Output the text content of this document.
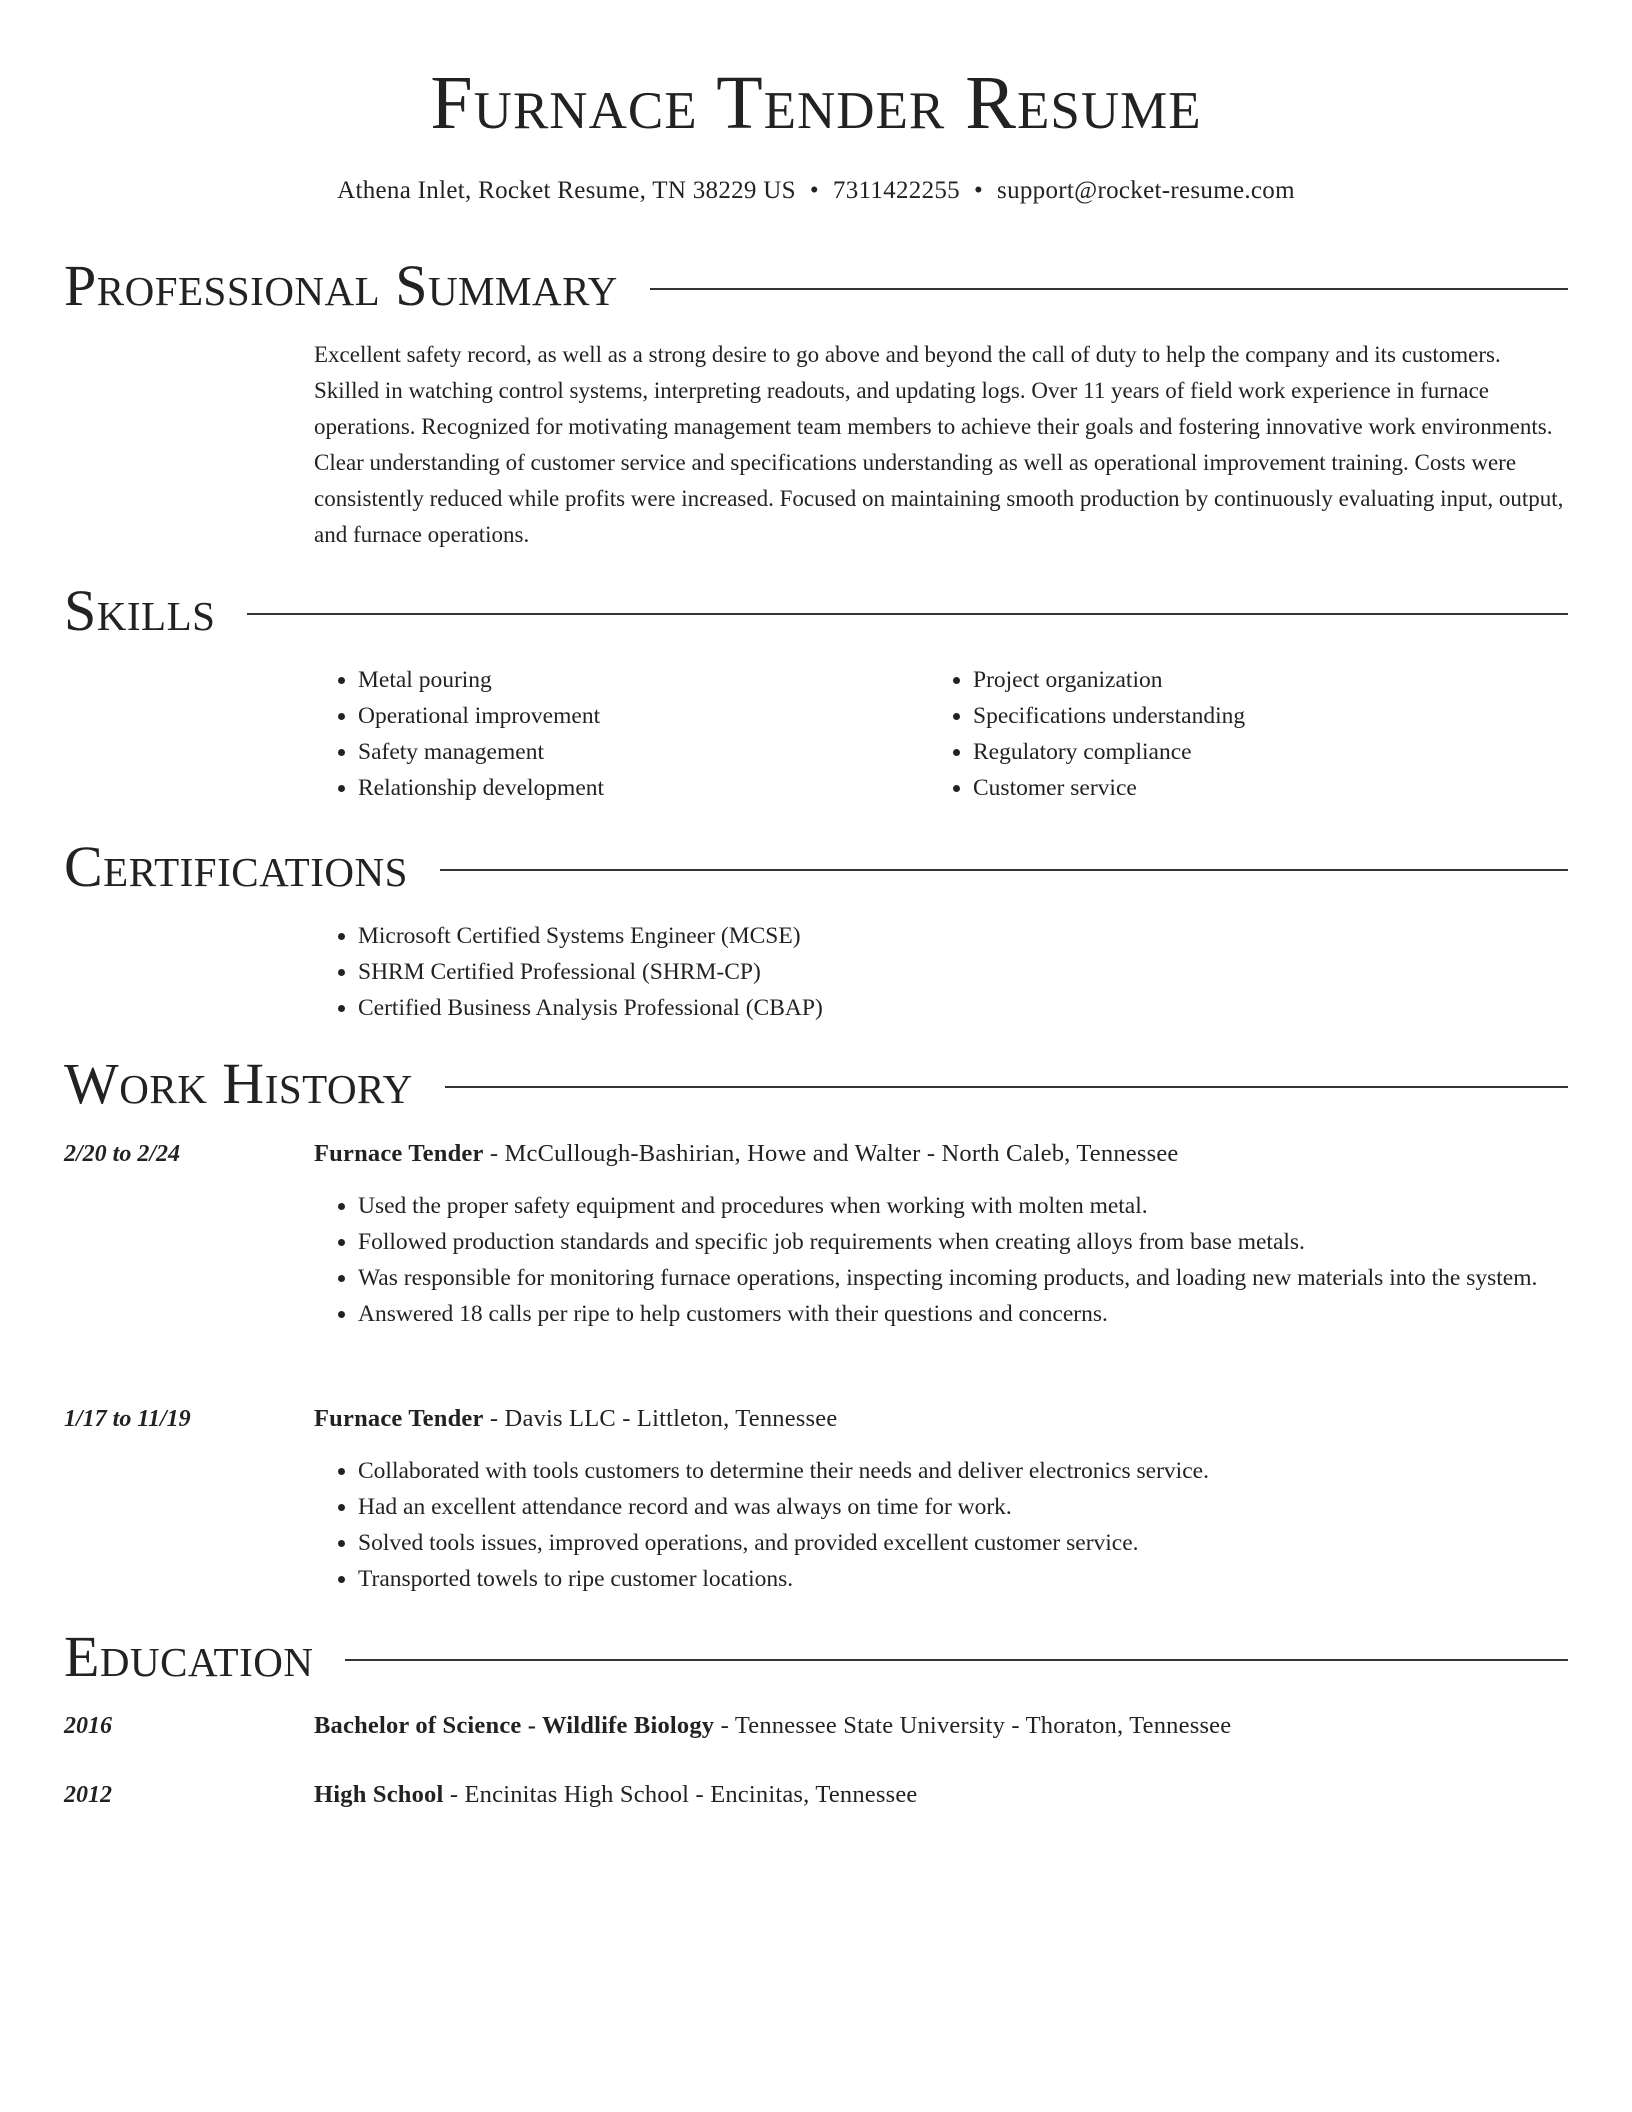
Furnace Tender Resume
Athena Inlet, Rocket Resume, TN 38229 US • 7311422255 • support@rocket-resume.com
Professional Summary

Excellent safety record, as well as a strong desire to go above and beyond the call of duty to help the company and its customers. Skilled in watching control systems, interpreting readouts, and updating logs. Over 11 years of field work experience in furnace operations. Recognized for motivating management team members to achieve their goals and fostering innovative work environments. Clear understanding of customer service and specifications understanding as well as operational improvement training. Costs were consistently reduced while profits were increased. Focused on maintaining smooth production by continuously evaluating input, output, and furnace operations.

Skills
• Metal pouring
• Operational improvement
• Safety management
• Relationship development
• Project organization
• Specifications understanding
• Regulatory compliance
• Customer service
Certifications
• Microsoft Certified Systems Engineer (MCSE)
• SHRM Certified Professional (SHRM-CP)
• Certified Business Analysis Professional (CBAP)
Work History
2/20 to 2/24	Furnace Tender - McCullough-Bashirian, Howe and Walter - North Caleb, Tennessee
• Used the proper safety equipment and procedures when working with molten metal.
• Followed production standards and specific job requirements when creating alloys from base metals.
• Was responsible for monitoring furnace operations, inspecting incoming products, and loading new materials into the system.
• Answered 18 calls per ripe to help customers with their questions and concerns.
1/17 to 11/19	Furnace Tender - Davis LLC - Littleton, Tennessee
• Collaborated with tools customers to determine their needs and deliver electronics service.
• Had an excellent attendance record and was always on time for work.
• Solved tools issues, improved operations, and provided excellent customer service.
• Transported towels to ripe customer locations.
Education
2016	Bachelor of Science - Wildlife Biology - Tennessee State University - Thoraton, Tennessee
2012	High School - Encinitas High School - Encinitas, Tennessee
